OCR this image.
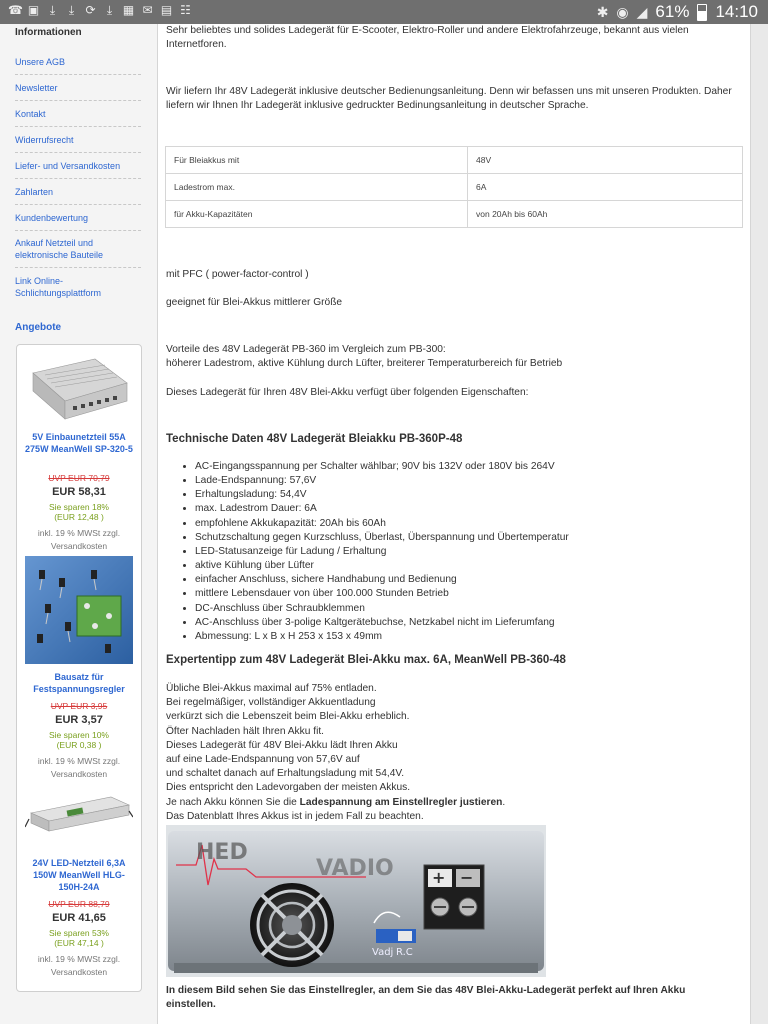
☎ ▣ ⤓	⤓ ⟳ ⤓ ▦ ✉ ▤ ☷	✱ ◉ ◢ 61% 14:10
Informationen
Unsere AGB
Newsletter
Kontakt
Widerrufsrecht
Liefer- und Versandkosten
Zahlarten
Kundenbewertung
Ankauf Netzteil und elektronische Bauteile
Link Online-Schlichtungsplattform
Angebote
5V Einbaunetzteil 55A 275W MeanWell SP-320-5
UVP EUR 70,79
EUR 58,31
Sie sparen 18%
(EUR 12,48 )
inkl. 19 % MWSt zzgl. Versandkosten
Bausatz für Festspannungsregler
UVP EUR 3,95
EUR 3,57
Sie sparen 10%
(EUR 0,38 )
inkl. 19 % MWSt zzgl. Versandkosten
24V LED-Netzteil 6,3A 150W MeanWell HLG-150H-24A
UVP EUR 88,79
EUR 41,65
Sie sparen 53%
(EUR 47,14 )
inkl. 19 % MWSt zzgl. Versandkosten
Sehr beliebtes und solides Ladegerät für E-Scooter, Elektro-Roller und andere Elektrofahrzeuge, bekannt aus vielen Internetforen.
Wir liefern Ihr 48V Ladegerät inklusive deutscher Bedienungsanleitung. Denn wir befassen uns mit unseren Produkten. Daher liefern wir Ihnen Ihr Ladegerät inklusive gedruckter Bedinungsanleitung in deutscher Sprache.
Für Bleiakkus mit	48V
Ladestrom max.	6A
für Akku-Kapazitäten	von 20Ah bis 60Ah
mit PFC ( power-factor-control )
geeignet für Blei-Akkus mittlerer Größe
Vorteile des 48V Ladegerät PB-360 im Vergleich zum PB-300:
höherer Ladestrom, aktive Kühlung durch Lüfter, breiterer Temperaturbereich für Betrieb
Dieses Ladegerät für Ihren 48V Blei-Akku verfügt über folgenden Eigenschaften:
Technische Daten 48V Ladegerät Bleiakku PB-360P-48
• AC-Eingangsspannung per Schalter wählbar; 90V bis 132V oder 180V bis 264V
• Lade-Endspannung: 57,6V
• Erhaltungsladung: 54,4V
• max. Ladestrom Dauer: 6A
• empfohlene Akkukapazität: 20Ah bis 60Ah
• Schutzschaltung gegen Kurzschluss, Überlast, Überspannung und Übertemperatur
• LED-Statusanzeige für Ladung / Erhaltung
• aktive Kühlung über Lüfter
• einfacher Anschluss, sichere Handhabung und Bedienung
• mittlere Lebensdauer von über 100.000 Stunden Betrieb
• DC-Anschluss über Schraubklemmen
• AC-Anschluss über 3-polige Kaltgerätebuchse, Netzkabel nicht im Lieferumfang
• Abmessung: L x B x H 253 x 153 x 49mm
Expertentipp zum 48V Ladegerät Blei-Akku max. 6A, MeanWell PB-360-48
Übliche Blei-Akkus maximal auf 75% entladen.
Bei regelmäßiger, vollständiger Akkuentladung
verkürzt sich die Lebenszeit beim Blei-Akku erheblich.
Öfter Nachladen hält Ihren Akku fit.
Dieses Ladegerät für 48V Blei-Akku lädt Ihren Akku
auf eine Lade-Endspannung von 57,6V auf
und schaltet danach auf Erhaltungsladung mit 54,4V.
Dies entspricht den Ladevorgaben der meisten Akkus.
Je nach Akku können Sie die Ladespannung am Einstellregler justieren.
Das Datenblatt Ihres Akkus ist in jedem Fall zu beachten.
HED
VADIO + −
Vadj R.C
In diesem Bild sehen Sie das Einstellregler, an dem Sie das 48V Blei-Akku-Ladegerät perfekt auf Ihren Akku einstellen.
